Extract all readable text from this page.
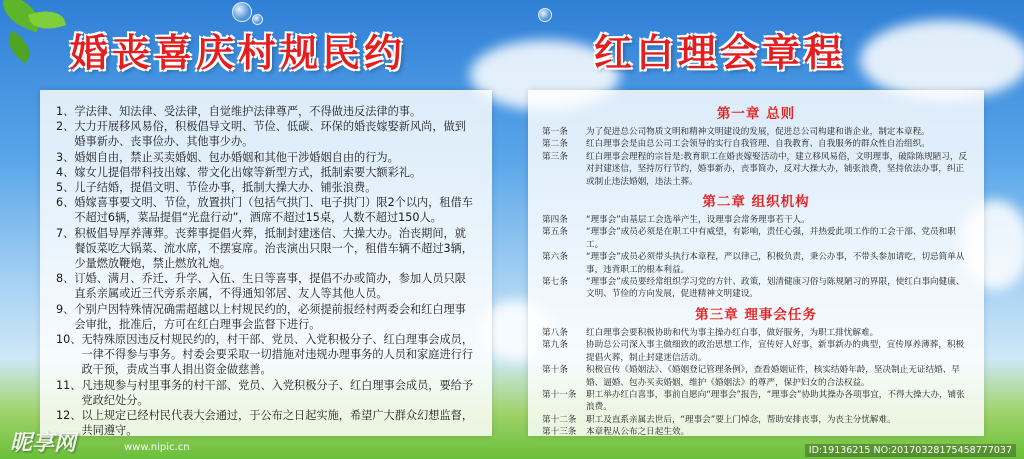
婚丧喜庆村规民约	红白理会章程
1、 学法律、知法律、受法律，自觉维护法律尊严，不得做违反法律的事。
2、 大力开展移风易俗，积极倡导文明、节俭、低碳、环保的婚丧嫁娶新风尚，做到婚事新办、丧事俭办、其他事少办。
3、 婚姻自由，禁止买卖婚姻、包办婚姻和其他干涉婚姻自由的行为。
4、 嫁女儿提倡带科技出嫁、带文化出嫁等新型方式，抵制索要大额彩礼。
5、 儿子结婚，提倡文明、节俭办事，抵制大操大办、铺张浪费。
6、 婚嫁喜事要文明、节俭，放置拱门（包括气拱门、电子拱门）限2个以内，租借车不超过6辆，菜品提倡“光盘行动”，酒席不超过15桌，人数不超过150人。
7、 积极倡导厚养薄葬。丧葬事提倡火葬，抵制封建迷信、大操大办。治丧期间，就餐饭菜吃大锅菜、流水席，不摆宴席。治丧演出只限一个，租借车辆不超过3辆，少量燃放鞭炮，禁止燃放礼炮。
8、 订婚、满月、乔迁、升学、入伍、生日等喜事，提倡不办或简办，参加人员只限直系亲属或近三代旁系亲属，不得通知邻居、友人等其他人员。
9、 个别户因特殊情况确需超越以上村规民约的，必须提前报经村两委会和红白理事会审批，批准后，方可在红白理事会监督下进行。
10、 无特殊原因违反村规民约的，村干部、党员、入党积极分子、红白理事会成员，一律不得参与事务。村委会要采取一切措施对违规办理事务的人员和家庭进行行政干预，责成当事人捐出资金做慈善。
11、 凡违规参与村里事务的村干部、党员、入党积极分子、红白理事会成员，要给予党政纪处分。
12、 以上规定已经村民代表大会通过，于公布之日起实施，希望广大群众幻想监督，共同遵守。
第一章 总则
第一条	为了促进总公司物质文明和精神文明建设的发展，促进总公司构建和谐企业，制定本章程。
第二条	红白理事会是由总公司工会领导的实行自我管理、自我教育、自我服务的群众性自治组织。
第三条	红白理事会理程的宗旨是:教育职工在婚丧嫁娶活动中，建立移风易俗，文明理事，破除陈规陋习，反对封建迷信，坚持厉行节约，婚事新办，丧事简办，反对大操大办，铺张浪费，坚持依法办事，纠正或制止违法婚姻，违法土葬。
第二章 组织机构
第四条	“理事会”由基层工会选举产生，设理事会常务理事若干人。
第五条	“理事会”成员必须是在职工中有威望，有影响，责任心强，并热爱此项工作的工会干部、党员和职工。
第六条	“理事会”成员必须带头执行本章程，严以律己，积极负责，秉公办事，不带头参加请吃，切忌简单从事，违背职工的根本利益。
第七条	“理事会”成员要经常组织学习党的方针、政策，划清健康习俗与陈规陋习的界限，使红白事向健康、文明、节俭的方向发展，促进精神文明建设。
第三章 理事会任务
第八条	红白理事会要积极协助和代为事主操办红白事，做好服务，为职工排忧解难。
第九条	协助总公司深入事主做细致的政治思想工作，宣传好人好事，新事新办的典型，宣传厚养薄葬，积极提倡火葬，制止封建迷信活动。
第十条	积极宣传《婚姻法》、《婚姻登记管理条例》，查看婚姻证件，核实结婚年龄，坚决制止无证结婚、早婚、逼婚、包办买卖婚姻，维护《婚姻法》的尊严，保护妇女的合法权益。
第十一条	职工举办红白喜事，事前自愿向“理事会”报告，“理事会”协助其操办各项事宜，不得大操大办，铺张浪费。
第十二条	职工及直系亲属去世后，“理事会”要上门悼念，帮助安排丧事，为丧主分忧解难。
第十三条	本章程从公布之日起生效。
昵享网	www.nipic.cn	ID:19136215 NO:20170328175458777037
